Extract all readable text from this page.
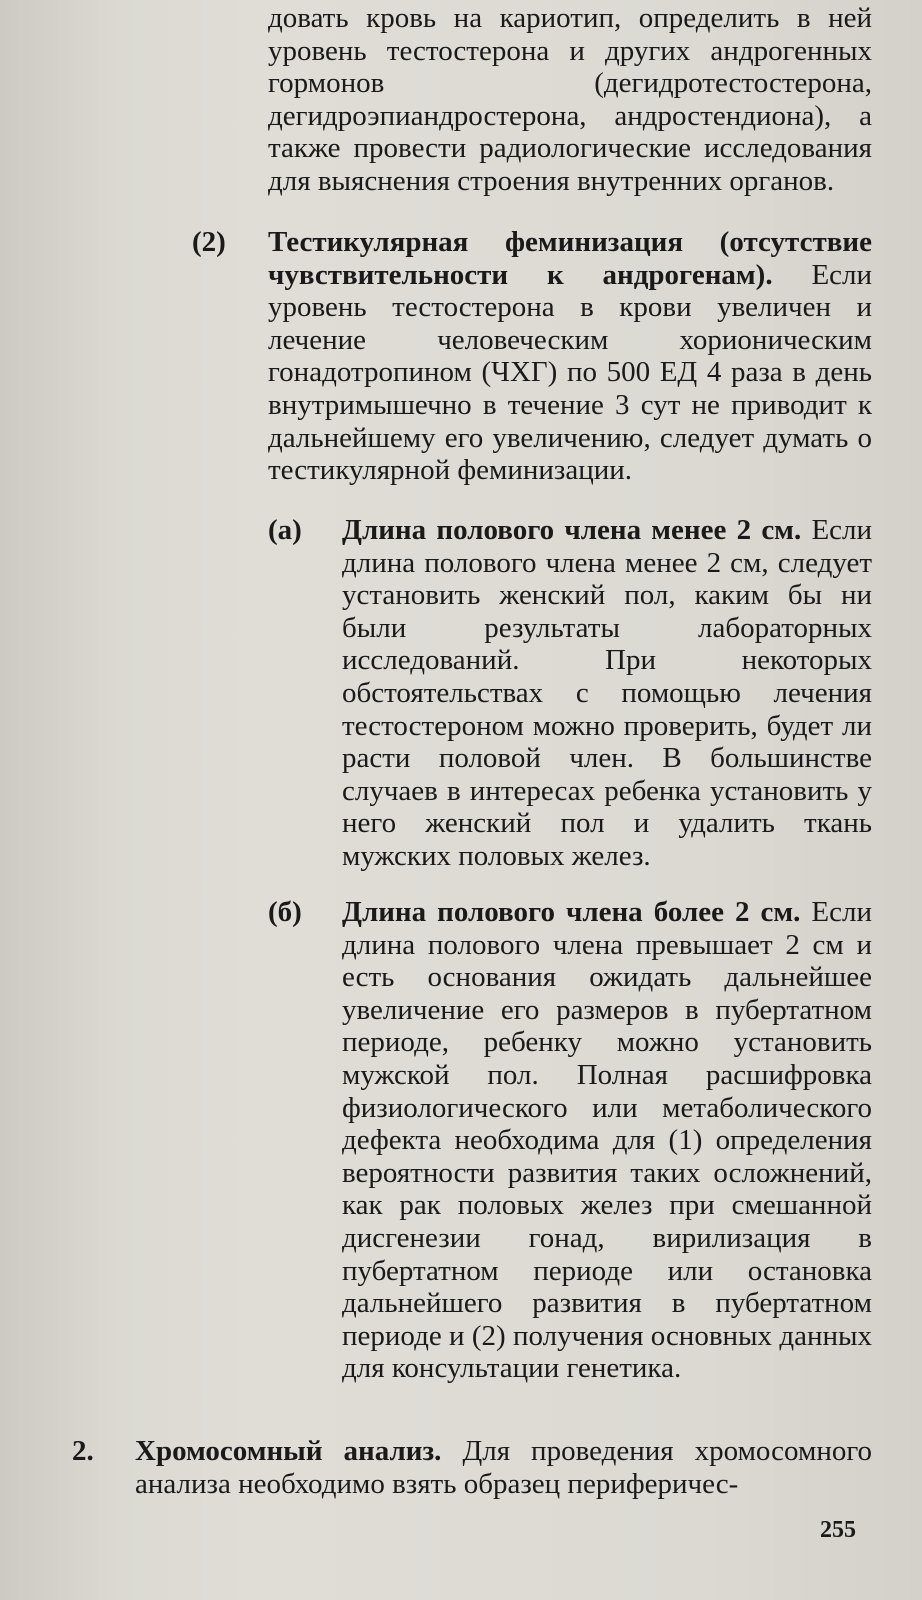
довать кровь на кариотип, определить в ней уровень тестостерона и других андрогенных гормонов (дегидротестостерона, дегидроэпиандростерона, андростендиона), а также провести радиологические исследования для выяснения строения внутренних органов.

(2) Тестикулярная феминизация (отсутствие чувствительности к андрогенам). Если уровень тестостерона в крови увеличен и лечение человеческим хорионическим гонадотропином (ЧХГ) по 500 ЕД 4 раза в день внутримышечно в течение 3 сут не приводит к дальнейшему его увеличению, следует думать о тестикулярной феминизации.

(а) Длина полового члена менее 2 см. Если длина полового члена менее 2 см, следует установить женский пол, каким бы ни были результаты лабораторных исследований. При некоторых обстоятельствах с помощью лечения тестостероном можно проверить, будет ли расти половой член. В большинстве случаев в интересах ребенка установить у него женский пол и удалить ткань мужских половых желез.

(б) Длина полового члена более 2 см. Если длина полового члена превышает 2 см и есть основания ожидать дальнейшее увеличение его размеров в пубертатном периоде, ребенку можно установить мужской пол. Полная расшифровка физиологического или метаболического дефекта необходима для (1) определения вероятности развития таких осложнений, как рак половых желез при смешанной дисгенезии гонад, вирилизация в пубертатном периоде или остановка дальнейшего развития в пубертатном периоде и (2) получения основных данных для консультации генетика.

2. Хромосомный анализ. Для проведения хромосомного анализа необходимо взять образец периферичес-

255
